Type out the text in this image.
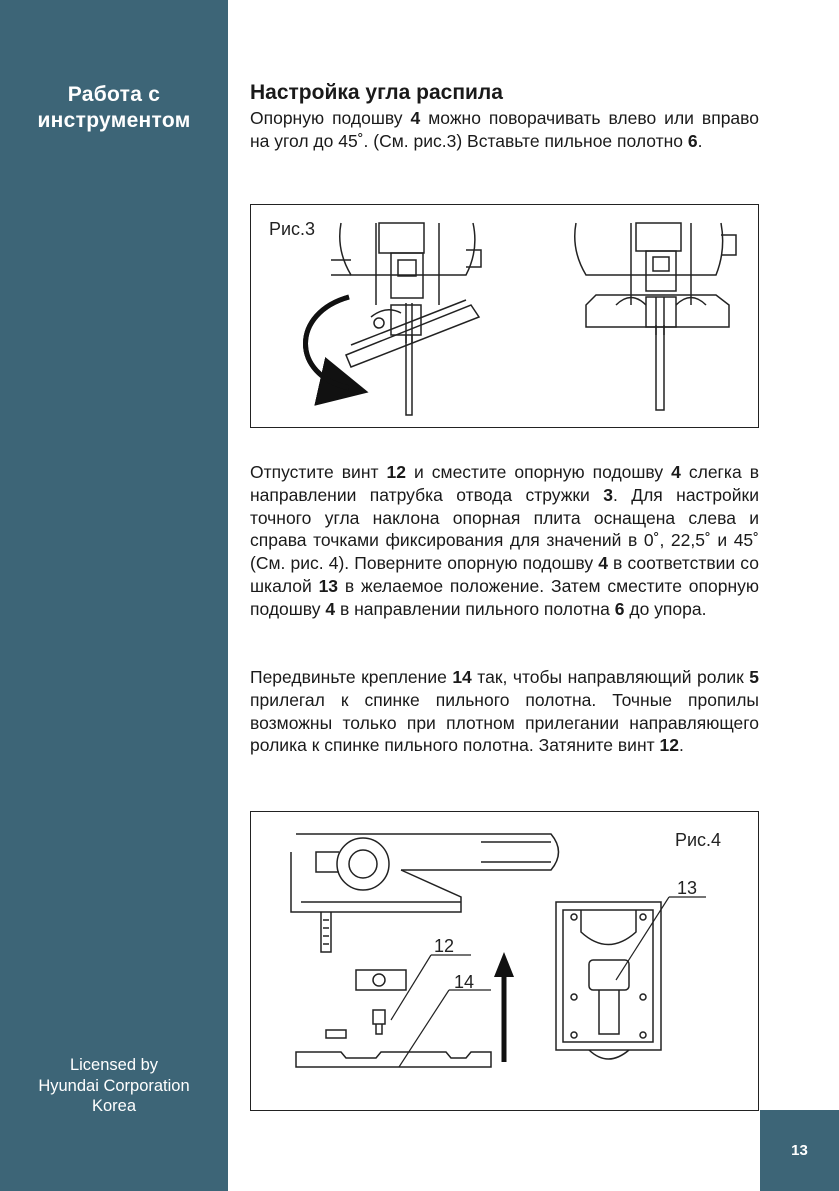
Работа с
инструментом
Licensed by
Hyundai Corporation
Korea
Настройка угла распила

Опорную подошву 4 можно поворачивать влево или вправо на угол до 45˚. (См. рис.3) Вставьте пильное полотно 6.

Рис.3

Отпустите винт 12 и сместите опорную подошву 4 слегка в направлении патрубка отвода стружки 3. Для настройки точного угла наклона опорная плита оснащена слева и справа точками фиксирования для значений в 0˚, 22,5˚ и 45˚ (См. рис. 4). Поверните опорную подошву 4 в соответствии со шкалой 13 в желаемое положение. Затем сместите опорную подошву 4 в направлении пильного полотна 6 до упора.

Передвиньте крепление 14 так, чтобы направляющий ролик 5 прилегал к спинке пильного полотна. Точные пропилы возможны только при плотном прилегании направляющего ролика к спинке пильного полотна. Затяните винт 12.

Рис.4
12
13
14
13
